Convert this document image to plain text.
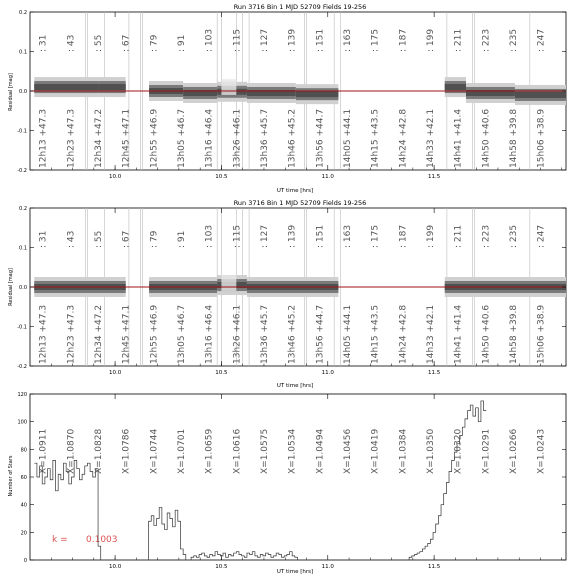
Run 3716 Bin 1 MJD 52709 Fields 19-256
Residual [mag]
UT time [hrs]
-0.2
-0.1
0.0
0.1
0.2
10.0	10.5	11.0	11.5
: 31 : 43 : 55 : 67 : 79 : 91 : 103 : 115 : 127 : 139 : 151 : 163 : 175 : 187 : 199 : 211 : 223 : 235 : 247
12h13 +47.3 12h23 +47.3 12h34 +47.2 12h45 +47.1 12h55 +46.9 13h05 +46.7 13h16 +46.4 13h26 +46.1 13h36 +45.7 13h46 +45.2 13h56 +44.7 14h05 +44.1 14h15 +43.5 14h24 +42.8 14h33 +42.1 14h41 +41.4 14h50 +40.6 14h58 +39.8 15h06 +38.9
Run 3716 Bin 1 MJD 52709 Fields 19-256
Residual [mag]
UT time [hrs]
-0.2
-0.1
0.0
0.1
0.2
10.0	10.5	11.0	11.5
: 31 : 43 : 55 : 67 : 79 : 91 : 103 : 115 : 127 : 139 : 151 : 163 : 175 : 187 : 199 : 211 : 223 : 235 : 247
12h13 +47.3 12h23 +47.3 12h34 +47.2 12h45 +47.1 12h55 +46.9 13h05 +46.7 13h16 +46.4 13h26 +46.1 13h36 +45.7 13h46 +45.2 13h56 +44.7 14h05 +44.1 14h15 +43.5 14h24 +42.8 14h33 +42.1 14h41 +41.4 14h50 +40.6 14h58 +39.8 15h06 +38.9
Number of Stars
UT time [hrs]
k = 0.1003
0
20
40
60
80
100
120
10.0	10.5	11.0	11.5
X=1.0911 X=1.0870 X=1.0828 X=1.0786 X=1.0744 X=1.0701 X=1.0659 X=1.0616 X=1.0575 X=1.0534 X=1.0494 X=1.0456 X=1.0419 X=1.0384 X=1.0350 X=1.0320 X=1.0291 X=1.0266 X=1.0243
